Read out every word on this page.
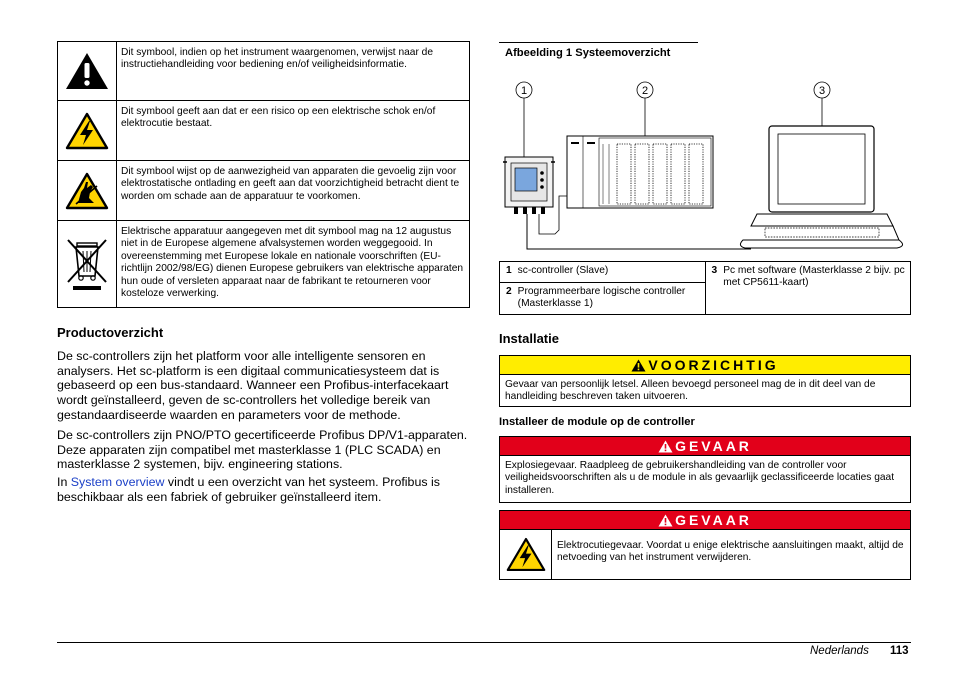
	Dit symbool, indien op het instrument waargenomen, verwijst naar de instructiehandleiding voor bediening en/of veiligheidsinformatie.

	Dit symbool geeft aan dat er een risico op een elektrische schok en/of elektrocutie bestaat.

	Dit symbool wijst op de aanwezigheid van apparaten die gevoelig zijn voor elektrostatische ontlading en geeft aan dat voorzichtigheid betracht dient te worden om schade aan de apparatuur te voorkomen.

	Elektrische apparatuur aangegeven met dit symbool mag na 12 augustus niet in de Europese algemene afvalsystemen worden weggegooid. In overeenstemming met Europese lokale en nationale voorschriften (EU-richtlijn 2002/98/EG) dienen Europese gebruikers van elektrische apparaten hun oude of versleten apparaat naar de fabrikant te retourneren voor kosteloze verwerking.
Productoverzicht

De sc-controllers zijn het platform voor alle intelligente sensoren en analysers. Het sc-platform is een digitaal communicatiesysteem dat is gebaseerd op een bus-standaard. Wanneer een Profibus-interfacekaart wordt geïnstalleerd, geven de sc-controllers het volledige bereik van gestandaardiseerde waarden en parameters voor de methode.

De sc-controllers zijn PNO/PTO gecertificeerde Profibus DP/V1-apparaten. Deze apparaten zijn compatibel met masterklasse 1 (PLC SCADA) en masterklasse 2 systemen, bijv. engineering stations.

In System overview vindt u een overzicht van het systeem. Profibus is beschikbaar als een fabriek of gebruiker geïnstalleerd item.

Afbeelding 1 Systeemoverzicht
1	2	3
1 sc-controller (Slave)	3 Pc met software (Masterklasse 2 bijv. pc met CP5611-kaart)

2 Programmeerbare logische controller (Masterklasse 1)
Installatie
VOORZICHTIG
Gevaar van persoonlijk letsel. Alleen bevoegd personeel mag de in dit deel van de handleiding beschreven taken uitvoeren.
Installeer de module op de controller
GEVAAR
Explosiegevaar. Raadpleeg de gebruikershandleiding van de controller voor veiligheidsvoorschriften als u de module in als gevaarlijk geclassificeerde locaties gaat installeren.
GEVAAR
Elektrocutiegevaar. Voordat u enige elektrische aansluitingen maakt, altijd de netvoeding van het instrument verwijderen.
Nederlands 113
